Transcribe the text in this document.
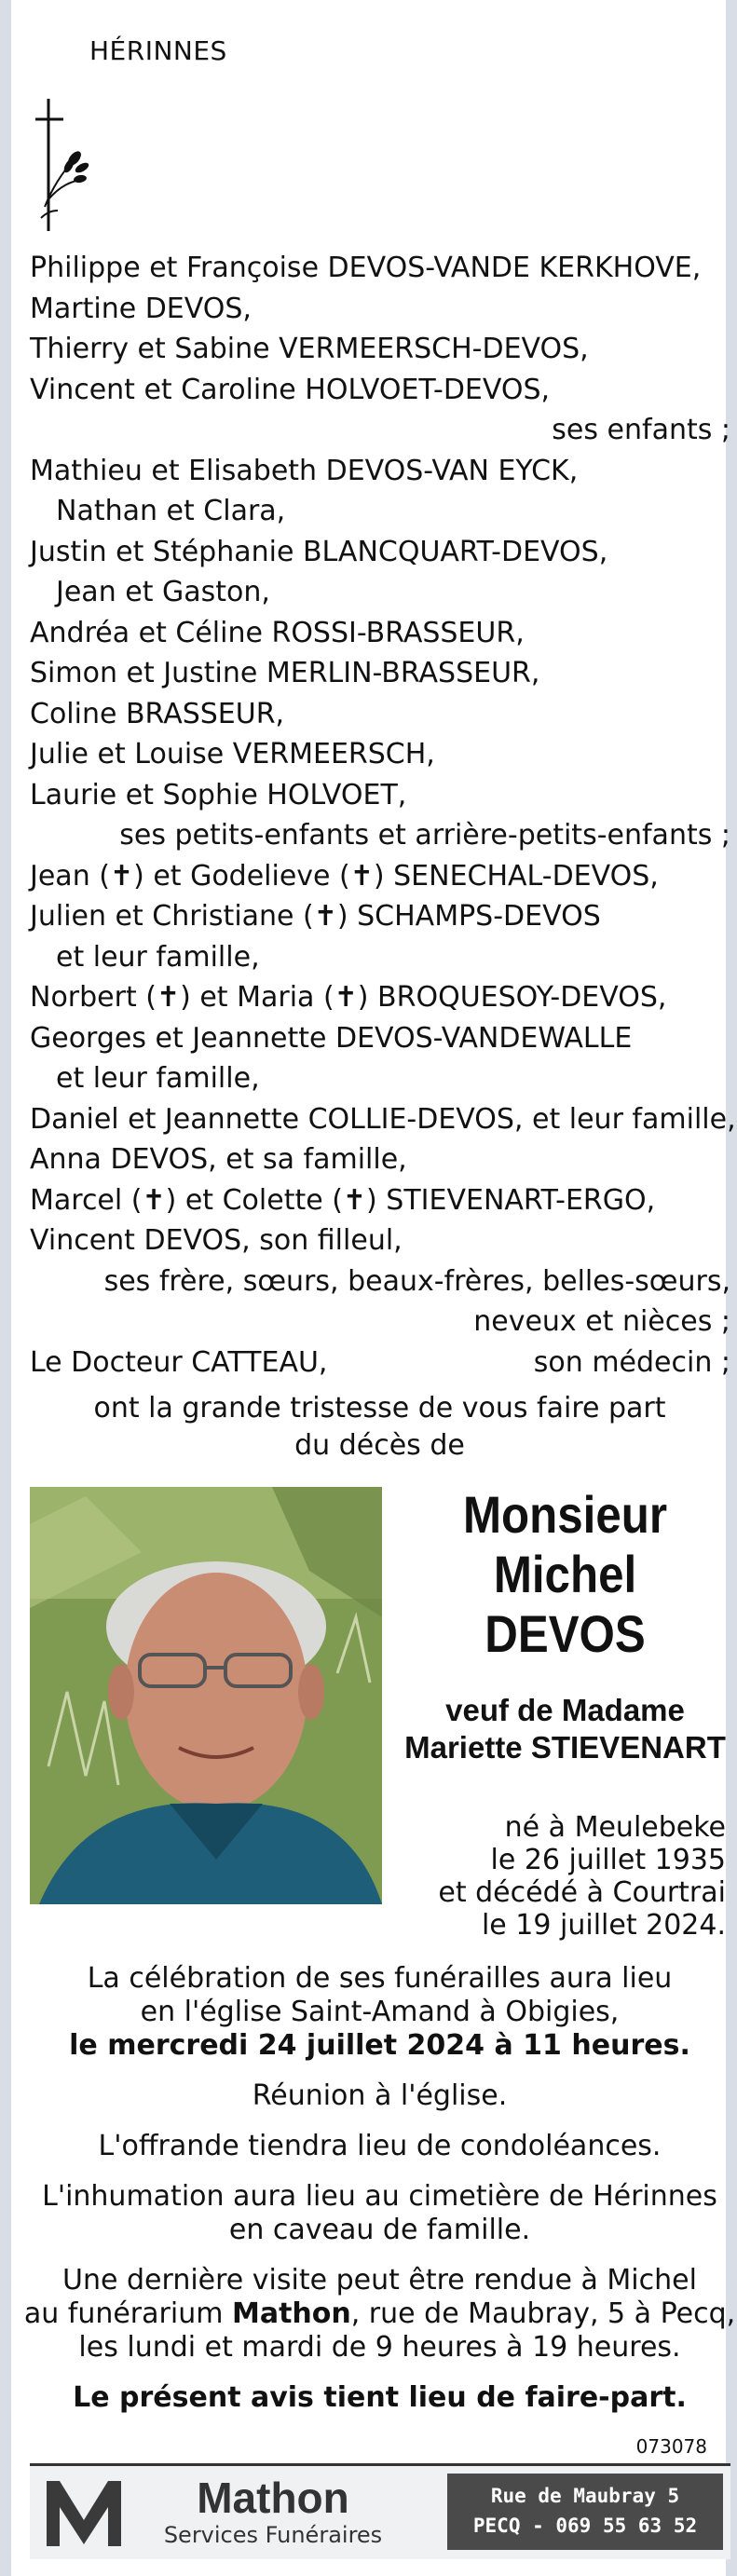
HÉRINNES
Philippe et Françoise DEVOS-VANDE KERKHOVE,
Martine DEVOS,
Thierry et Sabine VERMEERSCH-DEVOS,
Vincent et Caroline HOLVOET-DEVOS,
ses enfants ;
Mathieu et Elisabeth DEVOS-VAN EYCK,
Nathan et Clara,
Justin et Stéphanie BLANCQUART-DEVOS,
Jean et Gaston,
Andréa et Céline ROSSI-BRASSEUR,
Simon et Justine MERLIN-BRASSEUR,
Coline BRASSEUR,
Julie et Louise VERMEERSCH,
Laurie et Sophie HOLVOET,
ses petits-enfants et arrière-petits-enfants ;
Jean (✝) et Godelieve (✝) SENECHAL-DEVOS,
Julien et Christiane (✝) SCHAMPS-DEVOS
et leur famille,
Norbert (✝) et Maria (✝) BROQUESOY-DEVOS,
Georges et Jeannette DEVOS-VANDEWALLE
et leur famille,
Daniel et Jeannette COLLIE-DEVOS, et leur famille,
Anna DEVOS, et sa famille,
Marcel (✝) et Colette (✝) STIEVENART-ERGO,
Vincent DEVOS, son filleul,
ses frère, sœurs, beaux-frères, belles-sœurs,
neveux et nièces ;
Le Docteur CATTEAU,	son médecin ;
ont la grande tristesse de vous faire part
du décès de
Monsieur
Michel
DEVOS
veuf de Madame
Mariette STIEVENART
né à Meulebeke
le 26 juillet 1935
et décédé à Courtrai
le 19 juillet 2024.

La célébration de ses funérailles aura lieu
en l'église Saint-Amand à Obigies,
le mercredi 24 juillet 2024 à 11 heures.

Réunion à l'église.

L'offrande tiendra lieu de condoléances.

L'inhumation aura lieu au cimetière de Hérinnes
en caveau de famille.

Une dernière visite peut être rendue à Michel
au funérarium Mathon, rue de Maubray, 5 à Pecq,
les lundi et mardi de 9 heures à 19 heures.

Le présent avis tient lieu de faire-part.

073078
Mathon
Services Funéraires
Rue de Maubray 5
PECQ - 069 55 63 52
